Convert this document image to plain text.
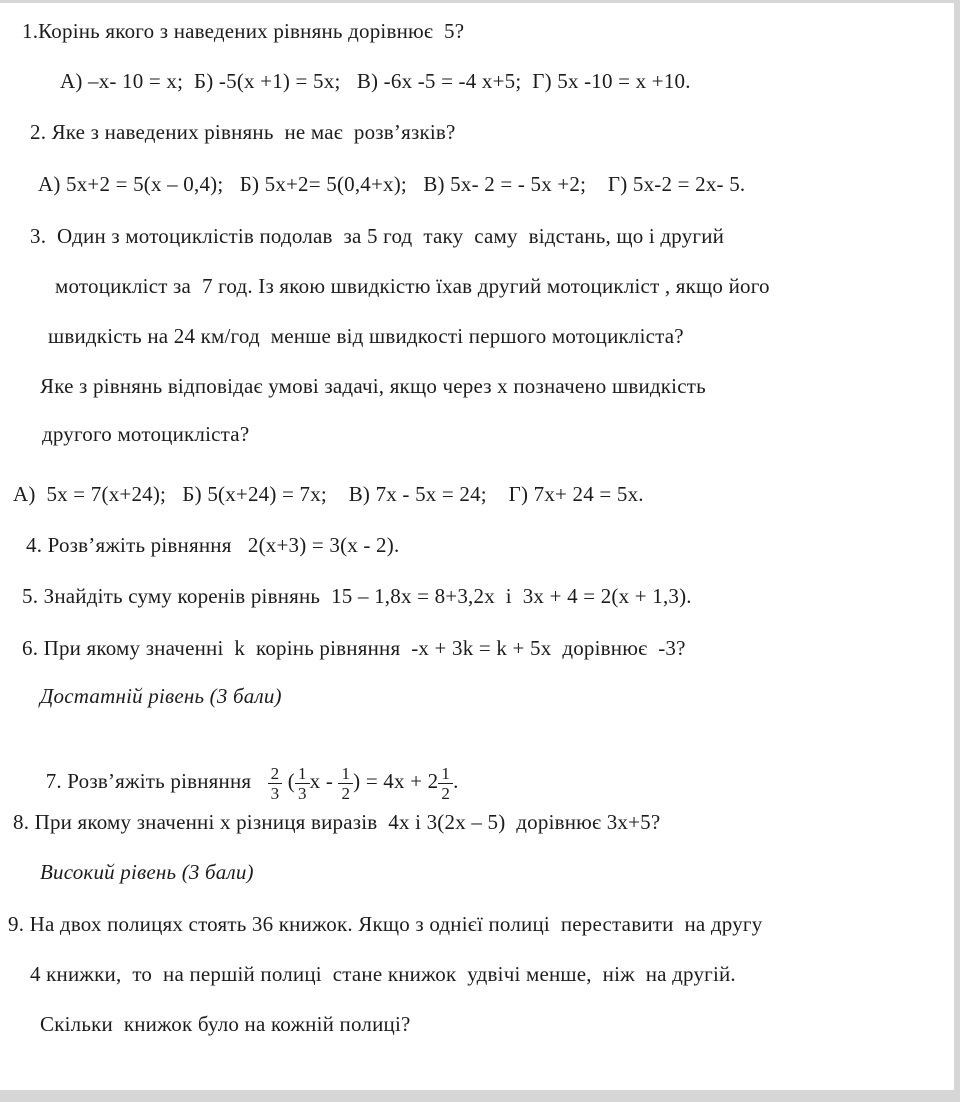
1.Корінь якого з наведених рівнянь дорівнює  5?
А) –х- 10 = х;  Б) -5(х +1) = 5х;   В) -6х -5 = -4 х+5;  Г) 5х -10 = х +10.
2. Яке з наведених рівнянь  не має  розв’язків?
А) 5х+2 = 5(х – 0,4);   Б) 5х+2= 5(0,4+х);   В) 5х- 2 = - 5х +2;    Г) 5х-2 = 2х- 5.
3.  Один з мотоциклістів подолав  за 5 год  таку  саму  відстань, що і другий
мотоцикліст за  7 год. Із якою швидкістю їхав другий мотоцикліст , якщо його
швидкість на 24 км/год  менше від швидкості першого мотоцикліста?
Яке з рівнянь відповідає умові задачі, якщо через х позначено швидкість
другого мотоцикліста?
А)  5х = 7(х+24);   Б) 5(х+24) = 7х;    В) 7х - 5х = 24;    Г) 7х+ 24 = 5х.
4. Розв’яжіть рівняння   2(х+3) = 3(х - 2).
5. Знайдіть суму коренів рівнянь  15 – 1,8х = 8+3,2х  і  3х + 4 = 2(х + 1,3).
6. При якому значенні  k  корінь рівняння  -х + 3k = k + 5х  дорівнює  -3?
Достатній рівень (3 бали)

7. Розв’яжіть рівняння $\frac{2}{3}$ ( $\frac{1}{3}$ х - $\frac{1}{2}$ ) = $4х + 2 \frac{1}{2}$ .

8. При якому значенні х різниця виразів  4х і 3(2х – 5)  дорівнює 3х+5?
Високий рівень (3 бали)
9. На двох полицях стоять 36 книжок. Якщо з однієї полиці  переставити  на другу
4 книжки,  то  на першій полиці  стане книжок  удвічі менше,  ніж  на другій.
Скільки  книжок було на кожній полиці?
